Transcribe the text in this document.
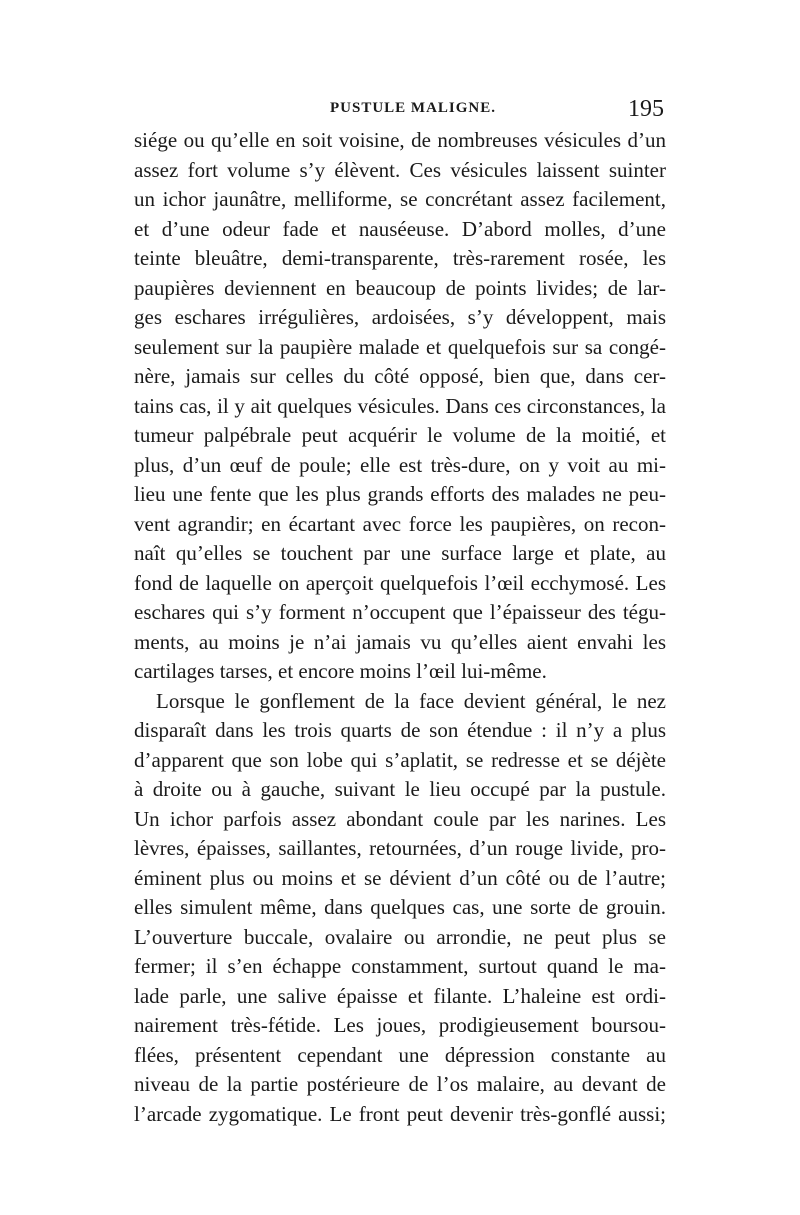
PUSTULE MALIGNE.	195
siége ou qu’elle en soit voisine, de nombreuses vésicules d’un
assez fort volume s’y élèvent. Ces vésicules laissent suinter
un ichor jaunâtre, melliforme, se concrétant assez facilement,
et d’une odeur fade et nauséeuse. D’abord molles, d’une
teinte bleuâtre, demi-transparente, très-rarement rosée, les
paupières deviennent en beaucoup de points livides; de lar-
ges eschares irrégulières, ardoisées, s’y développent, mais
seulement sur la paupière malade et quelquefois sur sa congé-
nère, jamais sur celles du côté opposé, bien que, dans cer-
tains cas, il y ait quelques vésicules. Dans ces circonstances, la
tumeur palpébrale peut acquérir le volume de la moitié, et
plus, d’un œuf de poule; elle est très-dure, on y voit au mi-
lieu une fente que les plus grands efforts des malades ne peu-
vent agrandir; en écartant avec force les paupières, on recon-
naît qu’elles se touchent par une surface large et plate, au
fond de laquelle on aperçoit quelquefois l’œil ecchymosé. Les
eschares qui s’y forment n’occupent que l’épaisseur des tégu-
ments, au moins je n’ai jamais vu qu’elles aient envahi les
cartilages tarses, et encore moins l’œil lui-même.
Lorsque le gonflement de la face devient général, le nez
disparaît dans les trois quarts de son étendue : il n’y a plus
d’apparent que son lobe qui s’aplatit, se redresse et se déjète
à droite ou à gauche, suivant le lieu occupé par la pustule.
Un ichor parfois assez abondant coule par les narines. Les
lèvres, épaisses, saillantes, retournées, d’un rouge livide, pro-
éminent plus ou moins et se dévient d’un côté ou de l’autre;
elles simulent même, dans quelques cas, une sorte de grouin.
L’ouverture buccale, ovalaire ou arrondie, ne peut plus se
fermer; il s’en échappe constamment, surtout quand le ma-
lade parle, une salive épaisse et filante. L’haleine est ordi-
nairement très-fétide. Les joues, prodigieusement boursou-
flées, présentent cependant une dépression constante au
niveau de la partie postérieure de l’os malaire, au devant de
l’arcade zygomatique. Le front peut devenir très-gonflé aussi;
